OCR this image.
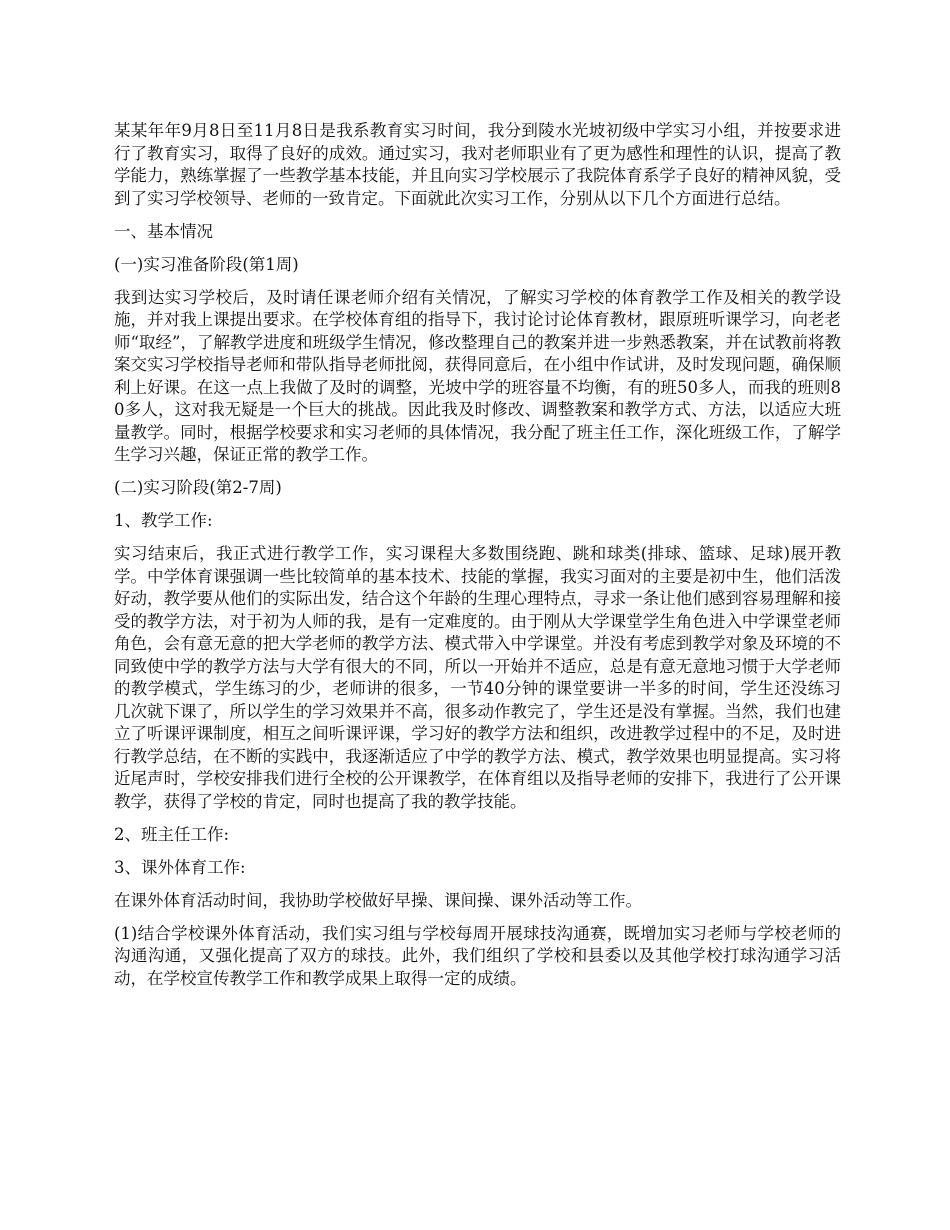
某某年年9月8日至11月8日是我系教育实习时间，我分到陵水光坡初级中学实习小组，并按要求进行了教育实习，取得了良好的成效。通过实习，我对老师职业有了更为感性和理性的认识，提高了教学能力，熟练掌握了一些教学基本技能，并且向实习学校展示了我院体育系学子良好的精神风貌，受到了实习学校领导、老师的一致肯定。下面就此次实习工作，分别从以下几个方面进行总结。

一、基本情况

(一)实习准备阶段(第1周)

我到达实习学校后，及时请任课老师介绍有关情况，了解实习学校的体育教学工作及相关的教学设施，并对我上课提出要求。在学校体育组的指导下，我讨论讨论体育教材，跟原班听课学习，向老老师“取经”，了解教学进度和班级学生情况，修改整理自己的教案并进一步熟悉教案，并在试教前将教案交实习学校指导老师和带队指导老师批阅，获得同意后，在小组中作试讲，及时发现问题，确保顺利上好课。在这一点上我做了及时的调整，光坡中学的班容量不均衡，有的班50多人，而我的班则80多人，这对我无疑是一个巨大的挑战。因此我及时修改、调整教案和教学方式、方法，以适应大班量教学。同时，根据学校要求和实习老师的具体情况，我分配了班主任工作，深化班级工作，了解学生学习兴趣，保证正常的教学工作。

(二)实习阶段(第2-7周)

1、教学工作:

实习结束后，我正式进行教学工作，实习课程大多数围绕跑、跳和球类(排球、篮球、足球)展开教学。中学体育课强调一些比较简单的基本技术、技能的掌握，我实习面对的主要是初中生，他们活泼好动，教学要从他们的实际出发，结合这个年龄的生理心理特点，寻求一条让他们感到容易理解和接受的教学方法，对于初为人师的我，是有一定难度的。由于刚从大学课堂学生角色进入中学课堂老师角色，会有意无意的把大学老师的教学方法、模式带入中学课堂。并没有考虑到教学对象及环境的不同致使中学的教学方法与大学有很大的不同，所以一开始并不适应，总是有意无意地习惯于大学老师的教学模式，学生练习的少，老师讲的很多，一节40分钟的课堂要讲一半多的时间，学生还没练习几次就下课了，所以学生的学习效果并不高，很多动作教完了，学生还是没有掌握。当然，我们也建立了听课评课制度，相互之间听课评课，学习好的教学方法和组织，改进教学过程中的不足，及时进行教学总结，在不断的实践中，我逐渐适应了中学的教学方法、模式，教学效果也明显提高。实习将近尾声时，学校安排我们进行全校的公开课教学，在体育组以及指导老师的安排下，我进行了公开课教学，获得了学校的肯定，同时也提高了我的教学技能。

2、班主任工作:

3、课外体育工作:

在课外体育活动时间，我协助学校做好早操、课间操、课外活动等工作。

(1)结合学校课外体育活动，我们实习组与学校每周开展球技沟通赛，既增加实习老师与学校老师的沟通沟通，又强化提高了双方的球技。此外，我们组织了学校和县委以及其他学校打球沟通学习活动，在学校宣传教学工作和教学成果上取得一定的成绩。
